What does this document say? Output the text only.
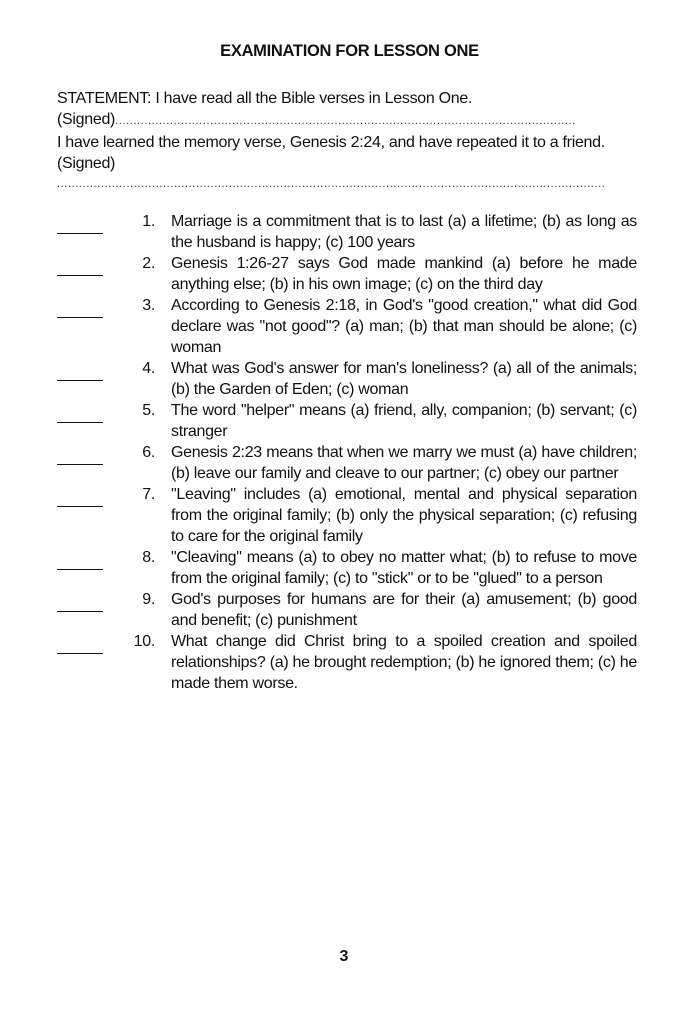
EXAMINATION FOR LESSON ONE
STATEMENT: I have read all the Bible verses in Lesson One.
(Signed) ..............................................................................................................................
I have learned the memory verse, Genesis 2:24, and have repeated it to a friend. (Signed)
......................................................................................................................................................
1. Marriage is a commitment that is to last (a) a lifetime; (b) as long as the husband is happy; (c) 100 years
2. Genesis 1:26-27 says God made mankind (a) before he made anything else; (b) in his own image; (c) on the third day
3. According to Genesis 2:18, in God's "good creation," what did God declare was "not good"? (a) man; (b) that man should be alone; (c) woman
4. What was God's answer for man's loneliness? (a) all of the animals; (b) the Garden of Eden; (c) woman
5. The word "helper" means (a) friend, ally, companion; (b) servant; (c) stranger
6. Genesis 2:23 means that when we marry we must (a) have children; (b) leave our family and cleave to our partner; (c) obey our partner
7. "Leaving" includes (a) emotional, mental and physical separation from the original family; (b) only the physical separation; (c) refusing to care for the original family
8. "Cleaving" means (a) to obey no matter what; (b) to refuse to move from the original family; (c) to "stick" or to be "glued" to a person
9. God's purposes for humans are for their (a) amusement; (b) good and benefit; (c) punishment
10. What change did Christ bring to a spoiled creation and spoiled relationships? (a) he brought redemption; (b) he ignored them; (c) he made them worse.
3
